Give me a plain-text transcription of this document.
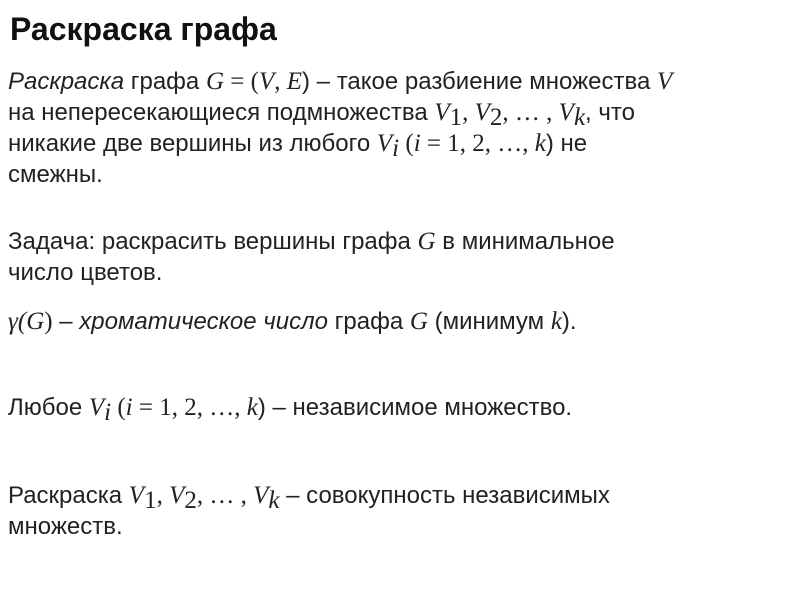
Раскраска графа

Раскраска графа G = (V, E) – такое разбиение множества V
на непересекающиеся подмножества $V_1$, $V_2$, … , $V_k$, что
никакие две вершины из любого $V_i$ (i = 1, 2, …, k) не
смежны.

Задача: раскрасить вершины графа G в минимальное
число цветов.

γ(G) – хроматическое число графа G (минимум k).

Любое $V_i$ (i = 1, 2, …, k) – независимое множество.

Раскраска $V_1$, $V_2$, … , $V_k$ – совокупность независимых
множеств.
